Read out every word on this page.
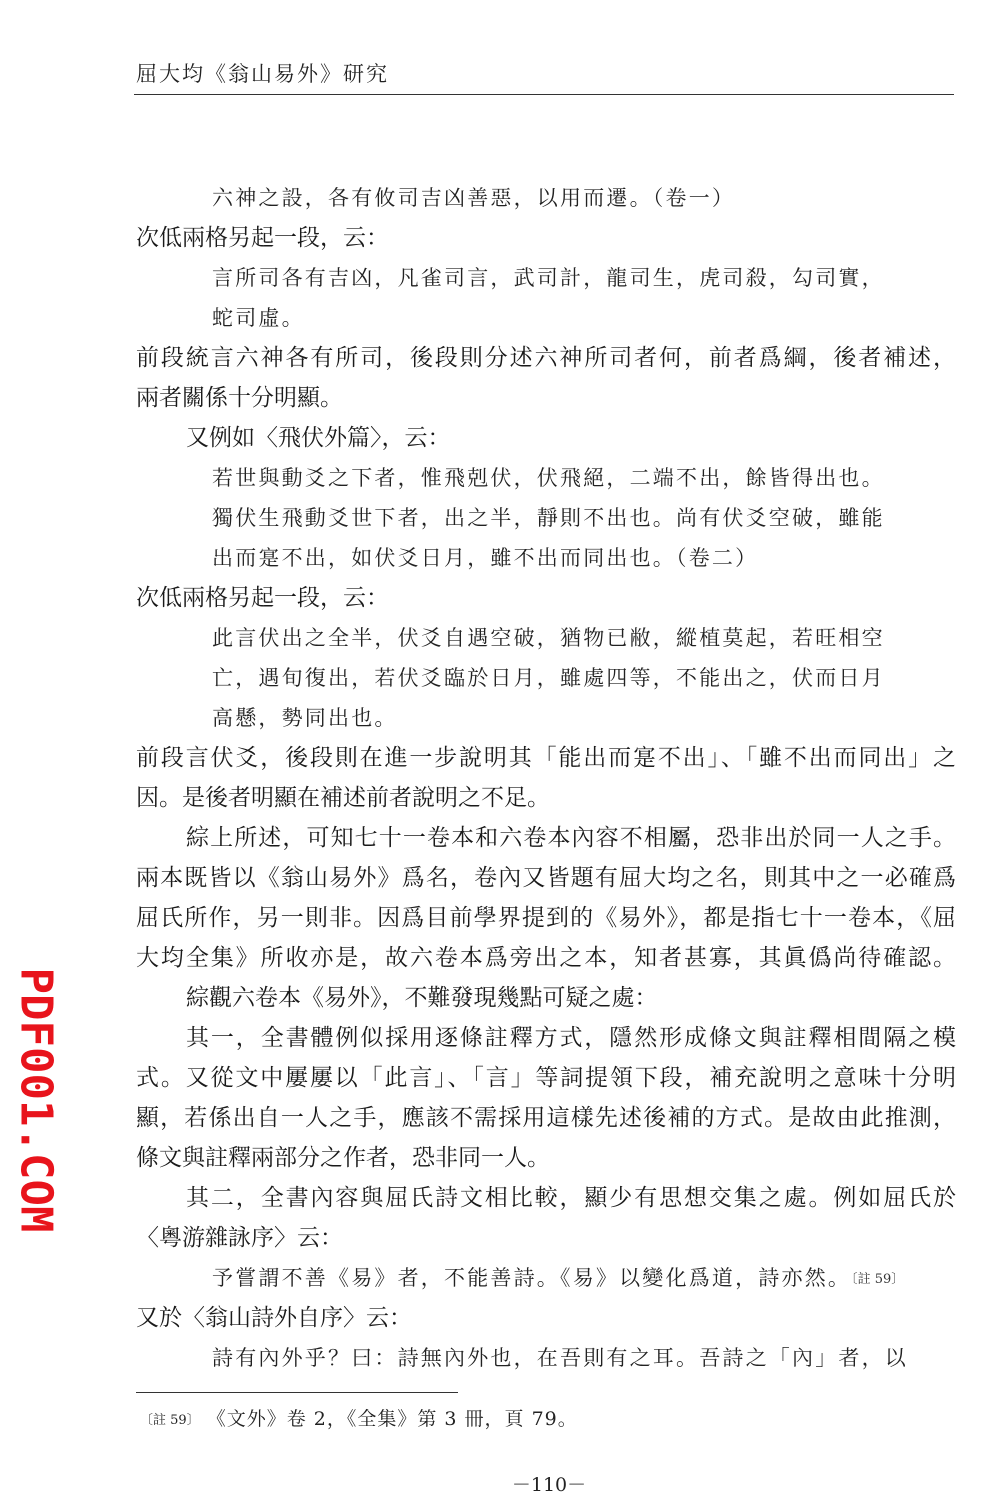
屈大均《翁山易外》研究
六神之設，各有攸司吉凶善惡，以用而遷。（卷一）
次低兩格另起一段，云：
言所司各有吉凶，凡雀司言，武司計，龍司生，虎司殺，勾司實，
蛇司虛。
前段統言六神各有所司，後段則分述六神所司者何，前者爲綱，後者補述，
兩者關係十分明顯。
又例如〈飛伏外篇〉，云：
若世與動爻之下者，惟飛剋伏，伏飛絕，二端不出，餘皆得出也。
獨伏生飛動爻世下者，出之半，靜則不出也。尚有伏爻空破，雖能
出而寔不出，如伏爻日月，雖不出而同出也。（卷二）
次低兩格另起一段，云：
此言伏出之全半，伏爻自遇空破，猶物已敝，縱植莫起，若旺相空
亡，遇旬復出，若伏爻臨於日月，雖處四等，不能出之，伏而日月
高懸，勢同出也。
前段言伏爻，後段則在進一步說明其「能出而寔不出」、「雖不出而同出」之
因。是後者明顯在補述前者說明之不足。
綜上所述，可知七十一卷本和六卷本內容不相屬，恐非出於同一人之手。
兩本既皆以《翁山易外》爲名，卷內又皆題有屈大均之名，則其中之一必確爲
屈氏所作，另一則非。因爲目前學界提到的《易外》，都是指七十一卷本，《屈
大均全集》所收亦是，故六卷本爲旁出之本，知者甚寡，其眞僞尚待確認。
綜觀六卷本《易外》，不難發現幾點可疑之處：
其一，全書體例似採用逐條註釋方式，隱然形成條文與註釋相間隔之模
式。又從文中屢屢以「此言」、「言」等詞提領下段，補充說明之意味十分明
顯，若係出自一人之手，應該不需採用這樣先述後補的方式。是故由此推測，
條文與註釋兩部分之作者，恐非同一人。
其二，全書內容與屈氏詩文相比較，顯少有思想交集之處。例如屈氏於
〈粵游雜詠序〉云：
予嘗謂不善《易》者，不能善詩。《易》以變化爲道，詩亦然。〔註 59〕
又於〈翁山詩外自序〉云：
詩有內外乎？曰：詩無內外也，在吾則有之耳。吾詩之「內」者，以
〔註 59〕 《文外》卷 2，《全集》第 3 冊，頁 79。
－110－
PDF001.COM
